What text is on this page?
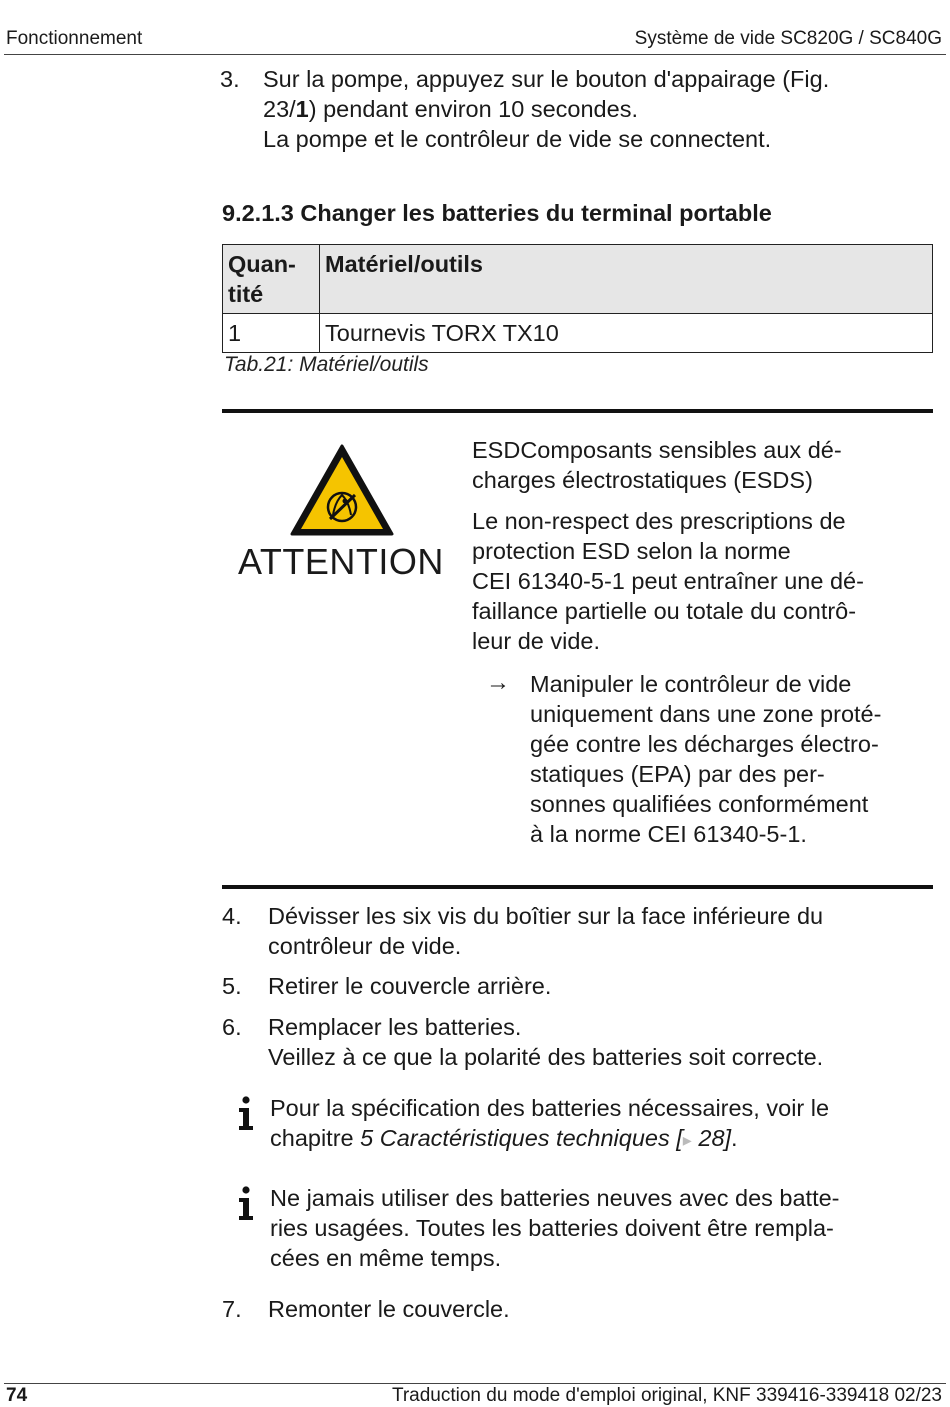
Fonctionnement	Système de vide SC820G / SC840G
3. Sur la pompe, appuyez sur le bouton d'appairage (Fig.
23/1) pendant environ 10 secondes.
La pompe et le contrôleur de vide se connectent.
9.2.1.3 Changer les batteries du terminal portable
Quan-
tité	Matériel/outils
1	Tournevis TORX TX10
Tab.21: Matériel/outils
ATTENTION
ESDComposants sensibles aux dé-
charges électrostatiques (ESDS)
Le non-respect des prescriptions de
protection ESD selon la norme
CEI 61340-5-1 peut entraîner une dé-
faillance partielle ou totale du contrô-
leur de vide.
→ Manipuler le contrôleur de vide
uniquement dans une zone proté-
gée contre les décharges électro-
statiques (EPA) par des per-
sonnes qualifiées conformément
à la norme CEI 61340-5-1.
4. Dévisser les six vis du boîtier sur la face inférieure du
contrôleur de vide.
5. Retirer le couvercle arrière.
6. Remplacer les batteries.
Veillez à ce que la polarité des batteries soit correcte.
Pour la spécification des batteries nécessaires, voir le
chapitre 5 Caractéristiques techniques [▸ 28].
Ne jamais utiliser des batteries neuves avec des batte-
ries usagées. Toutes les batteries doivent être rempla-
cées en même temps.
7. Remonter le couvercle.
74	Traduction du mode d'emploi original, KNF 339416-339418 02/23
